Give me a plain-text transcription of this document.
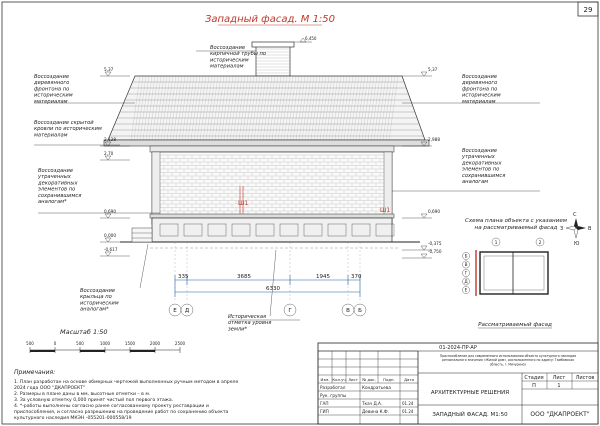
29
Западный фасад. М 1:50
Ш1
Ш1
5,37
2,128
2,70
0,690
0,000
-0,617
5,37
2,988
0,690
-0,375
-0,750
6,450
Воссоздание кирпичной трубы по историческим материалам
Воссоздание деревянного фронтона по историческим материалам
Воссоздание скрытой кровли по историческим материалам
Воссоздание утраченных декоративных элементов по сохранившимся аналогам*
Воссоздание крыльца по историческим аналогам*
Историческая отметка уровня земли*
Воссоздание деревянного фронтона по историческим материалам
Воссоздание утраченных декоративных элементов по сохранившимся аналогам
335	3685	1945	370
6330
Е Д	Г	В Б
Схема плана объекта с указанием
на рассматриваемый фасад
1	2
Б
В
Г
Д
Е
Рассматриваемый фасад
С
З	В
Ю
Масштаб 1:50
500	0	500	1000	1500	2000	2500
Примечания:
1. План разработан на основе обмерных чертежей выполненных ручным методом в апреле
2024 года ООО "ДКАПРОЕКТ"
2. Размеры в плане даны в мм, высотные отметки – в м.
3. За условную отметку 0,000 принят чистый пол первого этажа.
4. *-работы выполнены согласно ранее согласованному проекту реставрации и
приспособления, и согласно разрешению на проведение работ по сохранению объекта
культурного наследия МКЭН -055201-000558/19
01-2024-ПР-АР
Приспособление для современного использования объекта культурного наследия
регионального значения «Жилой дом», расположенного по адресу: Тамбовская
область, г. Мичуринск
АРХИТЕКТУРНЫЕ РЕШЕНИЯ
ЗАПАДНЫЙ ФАСАД. М1:50
Стадия Лист Листов
П	1
ООО "ДКАПРОЕКТ"
Изм. Кол.уч Лист № док. Подп. Дата
Разработал	Кондратьева
Рук. группы
ГАП	Ткач Д.А.	01.24
ГИП	Девина К.Ф.	01.24
